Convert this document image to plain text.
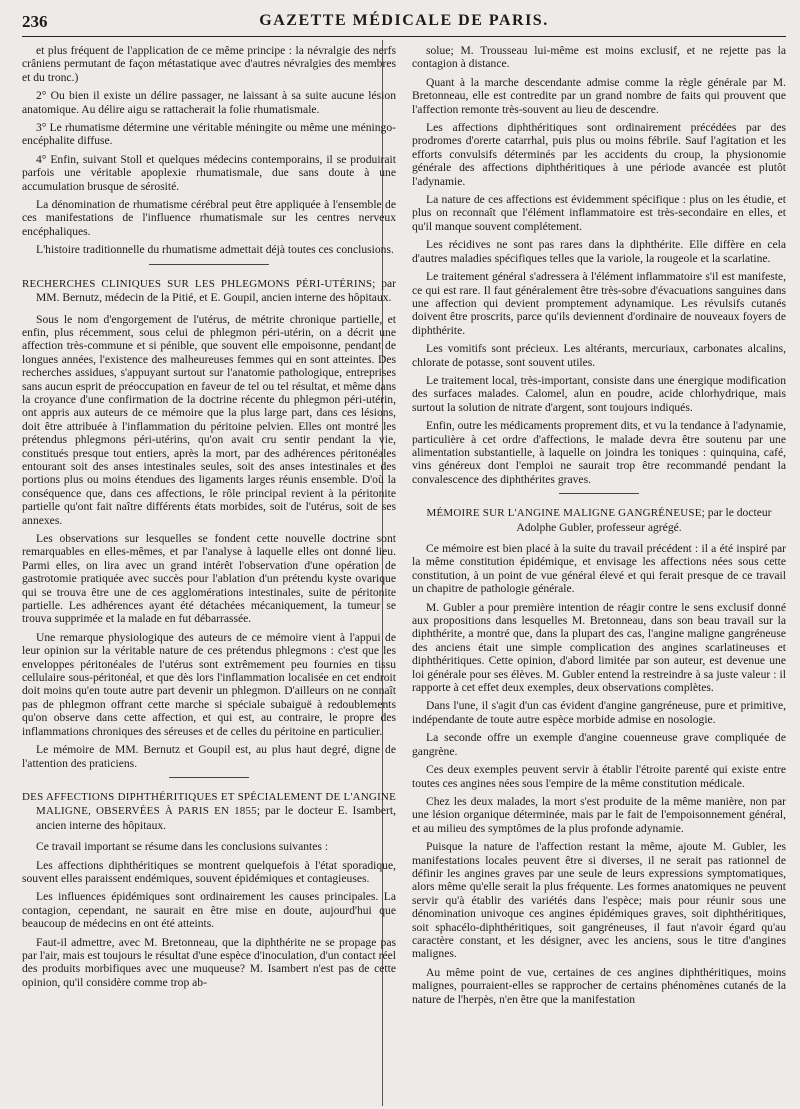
236	GAZETTE MÉDICALE DE PARIS.

et plus fréquent de l'application de ce même principe : la névralgie des nerfs crâniens permutant de façon métastatique avec d'autres névralgies des membres et du tronc.)

2° Ou bien il existe un délire passager, ne laissant à sa suite aucune lésion anatomique. Au délire aigu se rattacherait la folie rhumatismale.

3° Le rhumatisme détermine une véritable méningite ou même une méningo-encéphalite diffuse.

4° Enfin, suivant Stoll et quelques médecins contemporains, il se produirait parfois une véritable apoplexie rhumatismale, due sans doute à une accumulation brusque de sérosité.

La dénomination de rhumatisme cérébral peut être appliquée à l'ensemble de ces manifestations de l'influence rhumatismale sur les centres nerveux encéphaliques.

L'histoire traditionnelle du rhumatisme admettait déjà toutes ces conclusions.

RECHERCHES CLINIQUES SUR LES PHLEGMONS PÉRI-UTÉRINS; par MM. Bernutz, médecin de la Pitié, et E. Goupil, ancien interne des hôpitaux.

Sous le nom d'engorgement de l'utérus, de métrite chronique partielle, et enfin, plus récemment, sous celui de phlegmon péri-utérin, on a décrit une affection très-commune et si pénible, que souvent elle empoisonne, pendant de longues années, l'existence des malheureuses femmes qui en sont atteintes. Des recherches assidues, s'appuyant surtout sur l'anatomie pathologique, entreprises sans aucun esprit de préoccupation en faveur de tel ou tel résultat, et même dans la croyance d'une confirmation de la doctrine récente du phlegmon péri-utérin, ont appris aux auteurs de ce mémoire que la plus large part, dans ces lésions, doit être attribuée à l'inflammation du péritoine pelvien. Elles ont montré les prétendus phlegmons péri-utérins, qu'on avait cru sentir pendant la vie, constitués presque tout entiers, après la mort, par des adhérences péritonéales entourant soit des anses intestinales seules, soit des anses intestinales et des portions plus ou moins étendues des ligaments larges réunis ensemble. D'où la conséquence que, dans ces affections, le rôle principal revient à la péritonite partielle qu'ont fait naître différents états morbides, soit de l'utérus, soit de ses annexes.

Les observations sur lesquelles se fondent cette nouvelle doctrine sont remarquables en elles-mêmes, et par l'analyse à laquelle elles ont donné lieu. Parmi elles, on lira avec un grand intérêt l'observation d'une opération de gastrotomie pratiquée avec succès pour l'ablation d'un prétendu kyste ovarique qui se trouva être une de ces agglomérations intestinales, suite de péritonite partielle. Les adhérences ayant été détachées mécaniquement, la tumeur se trouva supprimée et la malade en fut débarrassée.

Une remarque physiologique des auteurs de ce mémoire vient à l'appui de leur opinion sur la véritable nature de ces prétendus phlegmons : c'est que les enveloppes péritonéales de l'utérus sont extrêmement peu fournies en tissu cellulaire sous-péritonéal, et que dès lors l'inflammation localisée en cet endroit doit moins qu'en toute autre part devenir un phlegmon. D'ailleurs on ne connaît pas de phlegmon offrant cette marche si spéciale subaiguë à redoublements qu'on observe dans cette affection, et qui est, au contraire, le propre des inflammations chroniques des séreuses et de celles du péritoine en particulier.

Le mémoire de MM. Bernutz et Goupil est, au plus haut degré, digne de l'attention des praticiens.

DES AFFECTIONS DIPHTHÉRITIQUES ET SPÉCIALEMENT DE L'ANGINE MALIGNE, OBSERVÉES À PARIS EN 1855; par le docteur E. Isambert, ancien interne des hôpitaux.

Ce travail important se résume dans les conclusions suivantes :

Les affections diphthéritiques se montrent quelquefois à l'état sporadique, souvent elles paraissent endémiques, souvent épidémiques et contagieuses.

Les influences épidémiques sont ordinairement les causes principales. La contagion, cependant, ne saurait en être mise en doute, aujourd'hui que beaucoup de médecins en ont été atteints.

Faut-il admettre, avec M. Bretonneau, que la diphthérite ne se propage pas par l'air, mais est toujours le résultat d'une espèce d'inoculation, d'un contact réel des produits morbifiques avec une muqueuse? M. Isambert n'est pas de cette opinion, qu'il considère comme trop ab-

solue; M. Trousseau lui-même est moins exclusif, et ne rejette pas la contagion à distance.

Quant à la marche descendante admise comme la règle générale par M. Bretonneau, elle est contredite par un grand nombre de faits qui prouvent que l'affection remonte très-souvent au lieu de descendre.

Les affections diphthéritiques sont ordinairement précédées par des prodromes d'orerte catarrhal, puis plus ou moins fébrile. Sauf l'agitation et les efforts convulsifs déterminés par les accidents du croup, la physionomie générale des affections diphthéritiques à une période avancée est plutôt l'adynamie.

La nature de ces affections est évidemment spécifique : plus on les étudie, et plus on reconnaît que l'élément inflammatoire est très-secondaire en elles, et qu'il manque souvent complétement.

Les récidives ne sont pas rares dans la diphthérite. Elle diffère en cela d'autres maladies spécifiques telles que la variole, la rougeole et la scarlatine.

Le traitement général s'adressera à l'élément inflammatoire s'il est manifeste, ce qui est rare. Il faut généralement être très-sobre d'évacuations sanguines dans une affection qui devient promptement adynamique. Les révulsifs cutanés doivent être proscrits, parce qu'ils deviennent d'ordinaire de nouveaux foyers de diphthérite.

Les vomitifs sont précieux. Les altérants, mercuriaux, carbonates alcalins, chlorate de potasse, sont souvent utiles.

Le traitement local, très-important, consiste dans une énergique modification des surfaces malades. Calomel, alun en poudre, acide chlorhydrique, mais surtout la solution de nitrate d'argent, sont toujours indiqués.

Enfin, outre les médicaments proprement dits, et vu la tendance à l'adynamie, particulière à cet ordre d'affections, le malade devra être soutenu par une alimentation substantielle, à laquelle on joindra les toniques : quinquina, café, vins généreux dont l'emploi ne saurait trop être recommandé pendant la convalescence des diphthérites graves.

MÉMOIRE SUR L'ANGINE MALIGNE GANGRÉNEUSE; par le docteur Adolphe Gubler, professeur agrégé.

Ce mémoire est bien placé à la suite du travail précédent : il a été inspiré par la même constitution épidémique, et envisage les affections nées sous cette constitution, à un point de vue général élevé et qui ferait presque de ce travail un chapitre de pathologie générale.

M. Gubler a pour première intention de réagir contre le sens exclusif donné aux propositions dans lesquelles M. Bretonneau, dans son beau travail sur la diphthérite, a montré que, dans la plupart des cas, l'angine maligne gangréneuse des anciens était une simple complication des angines scarlatineuses et diphthéritiques. Cette opinion, d'abord limitée par son auteur, est devenue une loi générale pour ses élèves. M. Gubler entend la restreindre à sa juste valeur : il rapporte à cet effet deux exemples, deux observations complètes.

Dans l'une, il s'agit d'un cas évident d'angine gangréneuse, pure et primitive, indépendante de toute autre espèce morbide admise en nosologie.

La seconde offre un exemple d'angine couenneuse grave compliquée de gangrène.

Ces deux exemples peuvent servir à établir l'étroite parenté qui existe entre toutes ces angines nées sous l'empire de la même constitution médicale.

Chez les deux malades, la mort s'est produite de la même manière, non par une lésion organique déterminée, mais par le fait de l'empoisonnement général, et au milieu des symptômes de la plus profonde adynamie.

Puisque la nature de l'affection restant la même, ajoute M. Gubler, les manifestations locales peuvent être si diverses, il ne serait pas rationnel de définir les angines graves par une seule de leurs expressions symptomatiques, alors même qu'elle serait la plus fréquente. Les formes anatomiques ne peuvent servir qu'à établir des variétés dans l'espèce; mais pour réunir sous une dénomination univoque ces angines épidémiques graves, soit diphthéritiques, soit sphacélo-diphthéritiques, soit gangréneuses, il faut n'avoir égard qu'au caractère constant, et les désigner, avec les anciens, sous le titre d'angines malignes.

Au même point de vue, certaines de ces angines diphthéritiques, moins malignes, pourraient-elles se rapprocher de certains phénomènes cutanés de la nature de l'herpès, n'en être que la manifestation
